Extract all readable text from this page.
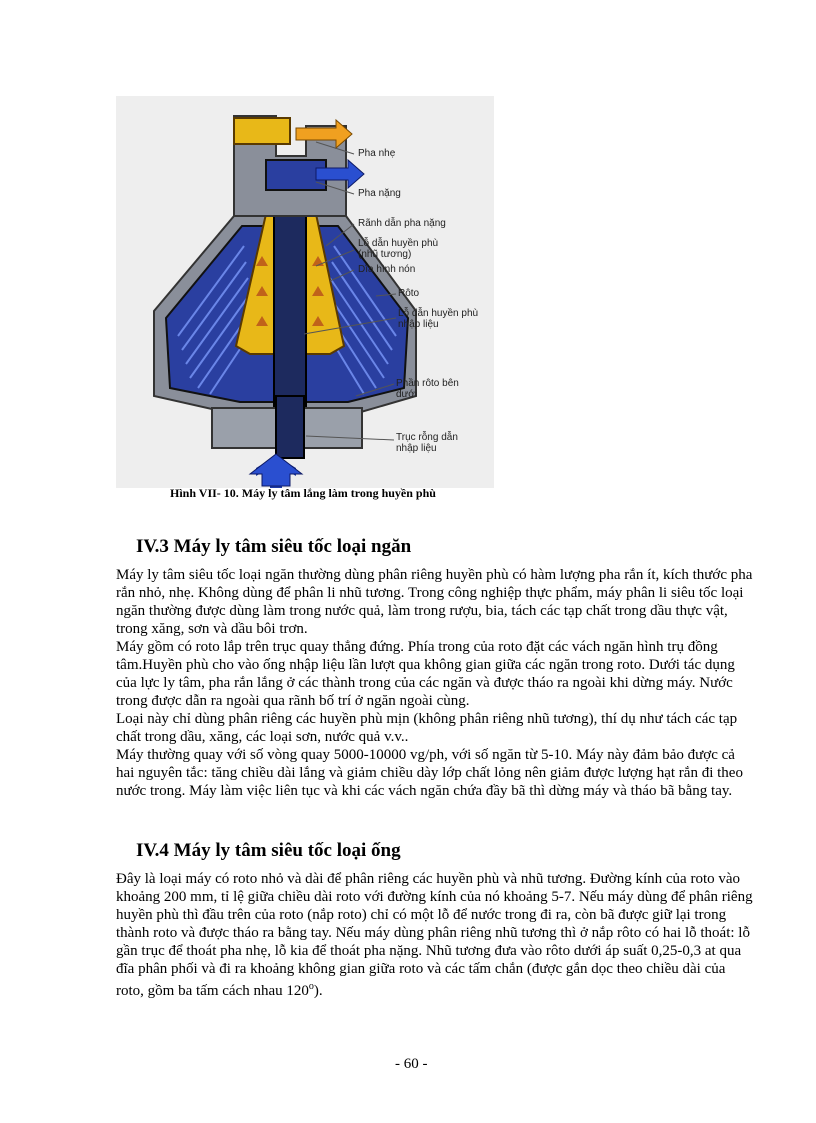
Pha nhẹ
Pha nặng
Rãnh dẫn pha nặng
Lỗ dẫn huyền phù
(nhũ tương)
Dĩa hình nón
Rôto
Lỗ dẫn huyền phù
nhập liệu
Phần rôto bên
dưới
Trục rỗng dẫn
nhập liệu
Hình VII- 10. Máy ly tâm lắng làm trong huyền phù
IV.3 Máy ly tâm siêu tốc loại ngăn

Máy ly tâm siêu tốc loại ngăn thường dùng phân riêng huyền phù có hàm lượng pha rắn ít, kích thước pha rắn nhỏ, nhẹ. Không dùng để phân li nhũ tương. Trong công nghiệp thực phẩm, máy phân li siêu tốc loại ngăn thường được dùng làm trong nước quả, làm trong rượu, bia, tách các tạp chất trong dầu thực vật, trong xăng, sơn và dầu bôi trơn.

Máy gồm có roto lắp trên trục quay thẳng đứng. Phía trong của roto đặt các vách ngăn hình trụ đồng tâm.Huyền phù cho vào ống nhập liệu lần lượt qua không gian giữa các ngăn trong roto. Dưới tác dụng của lực ly tâm, pha rắn lắng ở các thành trong của các ngăn và được tháo ra ngoài khi dừng máy. Nước trong được dẫn ra ngoài qua rãnh bố trí ở ngăn ngoài cùng.

Loại này chỉ dùng phân riêng các huyền phù mịn (không phân riêng nhũ tương), thí dụ như tách các tạp chất trong dầu, xăng, các loại sơn, nước quả v.v..

Máy thường quay với số vòng quay 5000-10000 vg/ph, với số ngăn từ 5-10. Máy này đảm bảo được cả hai nguyên tắc: tăng chiều dài lắng và giảm chiều dày lớp chất lỏng nên giảm được lượng hạt rắn đi theo nước trong. Máy làm việc liên tục và khi các vách ngăn chứa đầy bã thì dừng máy và tháo bã bằng tay.

IV.4 Máy ly tâm siêu tốc loại ống

Đây là loại máy có roto nhỏ và dài để phân riêng các huyền phù và nhũ tương. Đường kính của roto vào khoảng 200 mm, tỉ lệ giữa chiều dài roto với đường kính của nó khoảng 5-7. Nếu máy dùng để phân riêng huyền phù thì đầu trên của roto (nắp roto) chỉ có một lỗ để nước trong đi ra, còn bã được giữ lại trong thành roto và được tháo ra bằng tay. Nếu máy dùng phân riêng nhũ tương thì ở nắp rôto có hai lỗ thoát: lỗ gần trục để thoát pha nhẹ, lỗ kia để thoát pha nặng. Nhũ tương đưa vào rôto dưới áp suất 0,25-0,3 at qua đĩa phân phối và đi ra khoảng không gian giữa roto và các tấm chắn (được gắn dọc theo chiều dài của roto, gồm ba tấm cách nhau 120$^o$).

- 60 -
